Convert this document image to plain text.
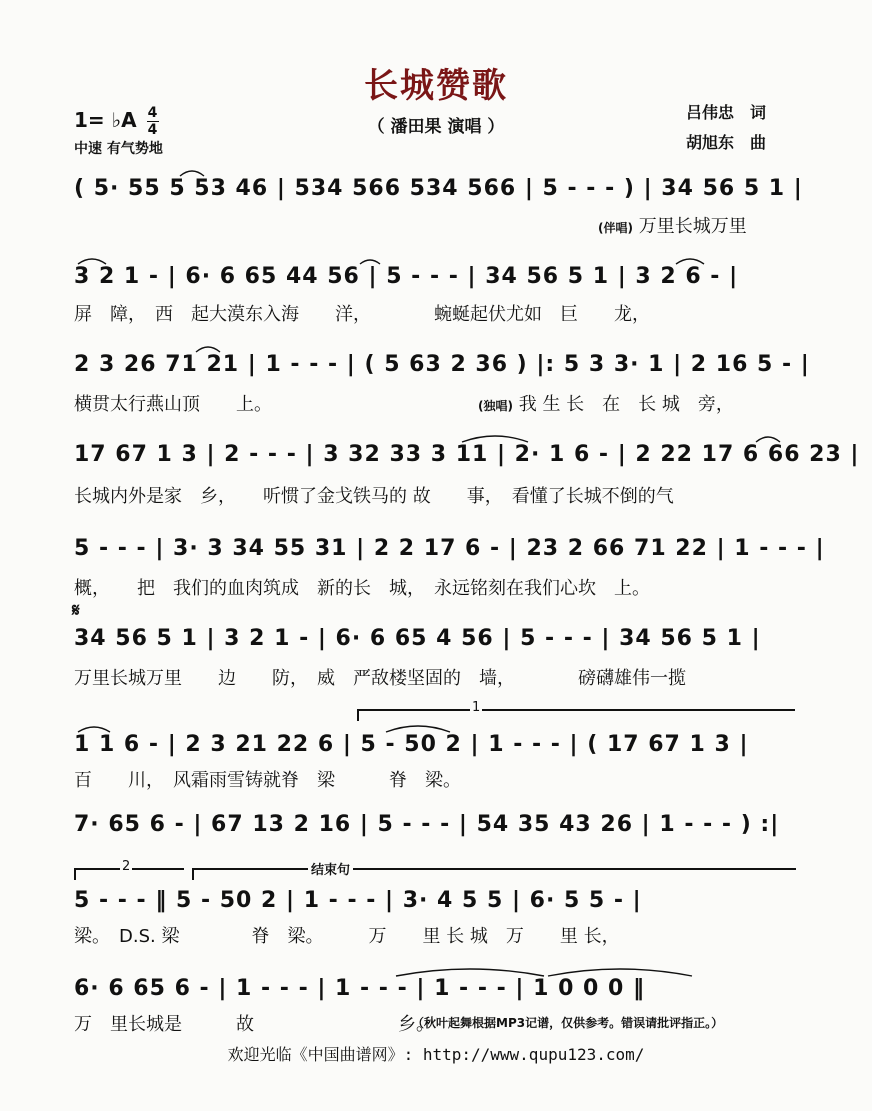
长城赞歌
（ 潘田果 演唱 ）
1= ♭A $\frac{4}{4}$
中速 有气势地
吕伟忠　词
胡旭东　曲
( 5· 55 5 53 46 | 534 566 534 566 | 5 - - - ) | 34 56 5 1 |
(伴唱) 万里长城万里
3 2 1 - | 6· 6 65 44 56 | 5 - - - | 34 56 5 1 | 3 2 6 - |
屏　障，　西　起大漠东入海　　洋，　　　　蜿蜒起伏尤如　巨　　龙，
2 3 26 71 21 | 1 - - - | ( 5 63 2 36 ) |: 5 3 3· 1 | 2 16 5 - |
横贯太行燕山顶　　上。	(独唱) 我 生 长　在　长 城　旁，
17 67 1 3 | 2 - - - | 3 32 33 3 11 | 2· 1 6 - | 2 22 17 6 66 23 |
长城内外是家　乡，　　听惯了金戈铁马的 故　　事，　看懂了长城不倒的气
5 - - - | 3· 3 34 55 31 | 2 2 17 6 - | 23 2 66 71 22 | 1 - - - |
概，　　把　我们的血肉筑成　新的长　城，　永远铭刻在我们心坎　上。
𝄋
34 56 5 1 | 3 2 1 - | 6· 6 65 4 56 | 5 - - - | 34 56 5 1 |
万里长城万里　　边　　防，　威　严敌楼坚固的　墙，　　　　磅礴雄伟一揽
1
1 1 6 - | 2 3 21 22 6 | 5 - 50 2 | 1 - - - | ( 17 67 1 3 |
百　　川，　风霜雨雪铸就脊　梁　　　脊　梁。
7· 65 6 - | 67 13 2 16 | 5 - - - | 54 35 43 26 | 1 - - - ) :|
2	结束句
5 - - - ‖ 5 - 50 2 | 1 - - - | 3· 4 5 5 | 6· 5 5 - |
梁。　D.S. 梁　　　　脊　梁。　　　万　　里 长 城　万　　里 长，
6· 6 65 6 - | 1 - - - | 1 - - - | 1 - - - | 1 0 0 0 ‖
万　里长城是　　　故　　　　　　　　乡。
（秋叶起舞根据MP3记谱，仅供参考。错误请批评指正。）
欢迎光临《中国曲谱网》: http://www.qupu123.com/
